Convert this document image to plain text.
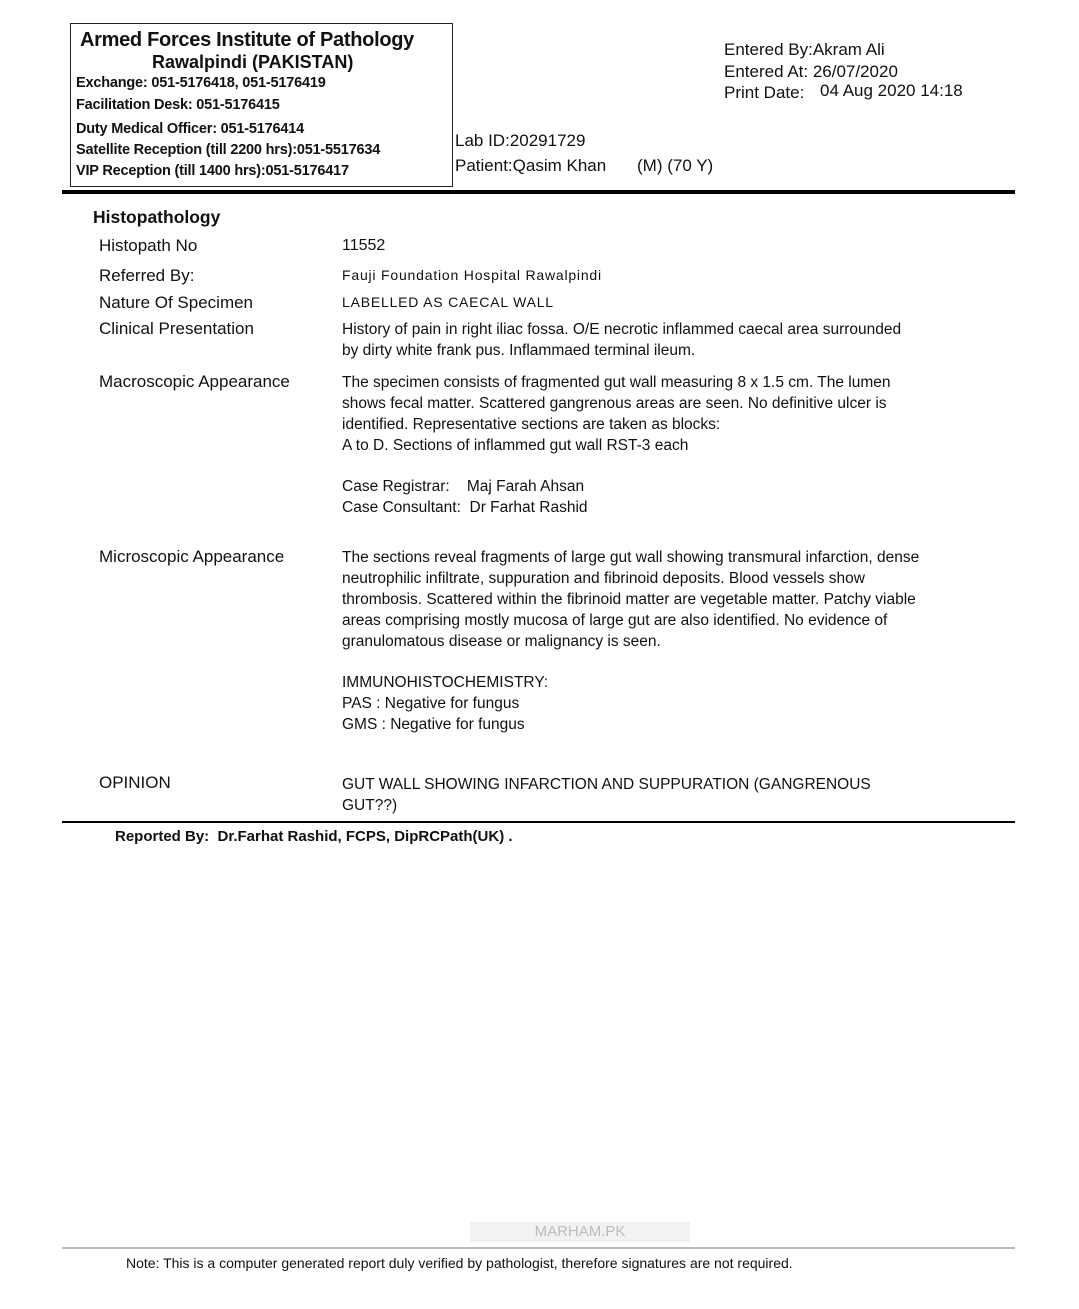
Armed Forces Institute of Pathology
Rawalpindi (PAKISTAN)
Exchange: 051-5176418, 051-5176419
Facilitation Desk: 051-5176415
Duty Medical Officer: 051-5176414
Satellite Reception (till 2200 hrs):051-5517634
VIP Reception (till 1400 hrs):051-5176417
Lab ID:20291729
Patient:Qasim Khan (M) (70 Y)
Entered By:Akram Ali
Entered At: 26/07/2020
Print Date: 04 Aug 2020 14:18
Histopathology
Histopath No	11552
Referred By:	Fauji Foundation Hospital Rawalpindi
Nature Of Specimen	LABELLED AS CAECAL WALL
Clinical Presentation	History of pain in right iliac fossa. O/E necrotic inflammed caecal area surrounded
by dirty white frank pus. Inflammaed terminal ileum.
Macroscopic Appearance	The specimen consists of fragmented gut wall measuring 8 x 1.5 cm. The lumen
shows fecal matter. Scattered gangrenous areas are seen. No definitive ulcer is
identified. Representative sections are taken as blocks:
A to D. Sections of inflammed gut wall RST-3 each
Case Registrar:    Maj Farah Ahsan
Case Consultant:  Dr Farhat Rashid
Microscopic Appearance	The sections reveal fragments of large gut wall showing transmural infarction, dense
neutrophilic infiltrate, suppuration and fibrinoid deposits. Blood vessels show
thrombosis. Scattered within the fibrinoid matter are vegetable matter. Patchy viable
areas comprising mostly mucosa of large gut are also identified. No evidence of
granulomatous disease or malignancy is seen.
IMMUNOHISTOCHEMISTRY:
PAS : Negative for fungus
GMS : Negative for fungus
OPINION	GUT WALL SHOWING INFARCTION AND SUPPURATION (GANGRENOUS
GUT??)
Reported By:  Dr.Farhat Rashid, FCPS, DipRCPath(UK) .
MARHAM.PK
Note: This is a computer generated report duly verified by pathologist, therefore signatures are not required.
